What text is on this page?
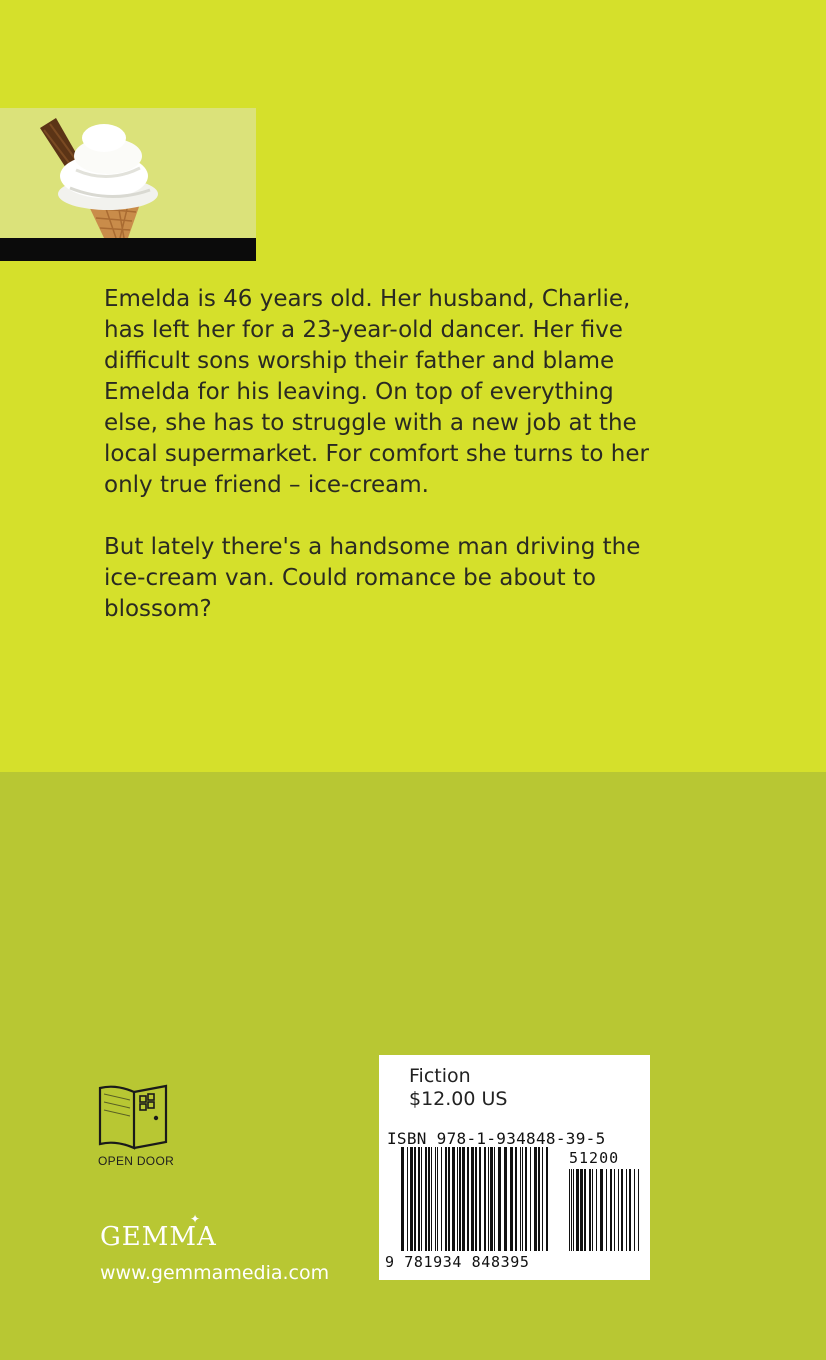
Emelda is 46 years old. Her husband, Charlie, has left her for a 23-year-old dancer. Her five difficult sons worship their father and blame Emelda for his leaving. On top of everything else, she has to struggle with a new job at the local supermarket. For comfort she turns to her only true friend – ice-cream.

But lately there's a handsome man driving the ice-cream van. Could romance be about to blossom?

OPEN DOOR
GEMMA
✦
www.gemmamedia.com
Fiction
$12.00 US
ISBN 978-1-934848-39-5
51200
9 781934 848395
